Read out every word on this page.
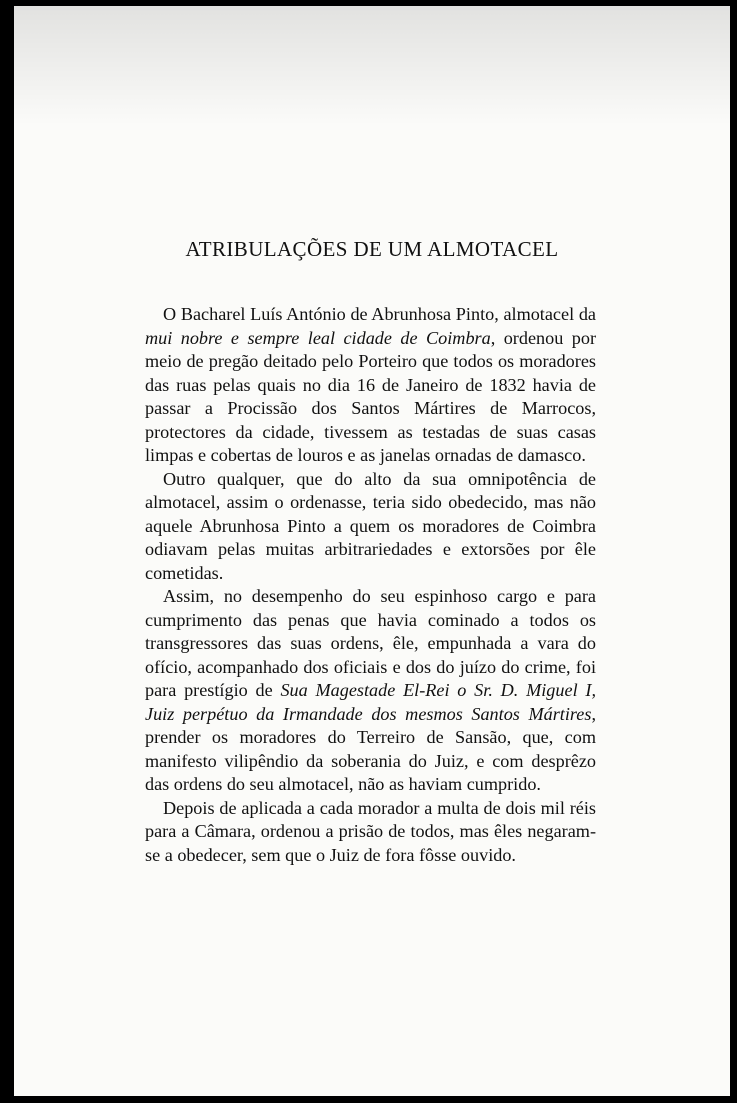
ATRIBULAÇÕES DE UM ALMOTACEL

O Bacharel Luís António de Abrunhosa Pinto, almotacel da mui nobre e sempre leal cidade de Coimbra, ordenou por meio de pregão deitado pelo Porteiro que todos os moradores das ruas pelas quais no dia 16 de Janeiro de 1832 havia de passar a Procissão dos Santos Mártires de Marrocos, protectores da cidade, tivessem as testadas de suas casas limpas e cobertas de louros e as janelas ornadas de damasco.

Outro qualquer, que do alto da sua omnipotência de almotacel, assim o ordenasse, teria sido obedecido, mas não aquele Abrunhosa Pinto a quem os moradores de Coimbra odiavam pelas muitas arbitrariedades e extorsões por êle cometidas.

Assim, no desempenho do seu espinhoso cargo e para cumprimento das penas que havia cominado a todos os transgressores das suas ordens, êle, empunhada a vara do ofício, acompanhado dos oficiais e dos do juízo do crime, foi para prestígio de Sua Magestade El-Rei o Sr. D. Miguel I, Juiz perpétuo da Irmandade dos mesmos Santos Mártires, prender os moradores do Terreiro de Sansão, que, com manifesto vilipêndio da soberania do Juiz, e com desprêzo das ordens do seu almotacel, não as haviam cumprido.

Depois de aplicada a cada morador a multa de dois mil réis para a Câmara, ordenou a prisão de todos, mas êles negaram-se a obedecer, sem que o Juiz de fora fôsse ouvido.
